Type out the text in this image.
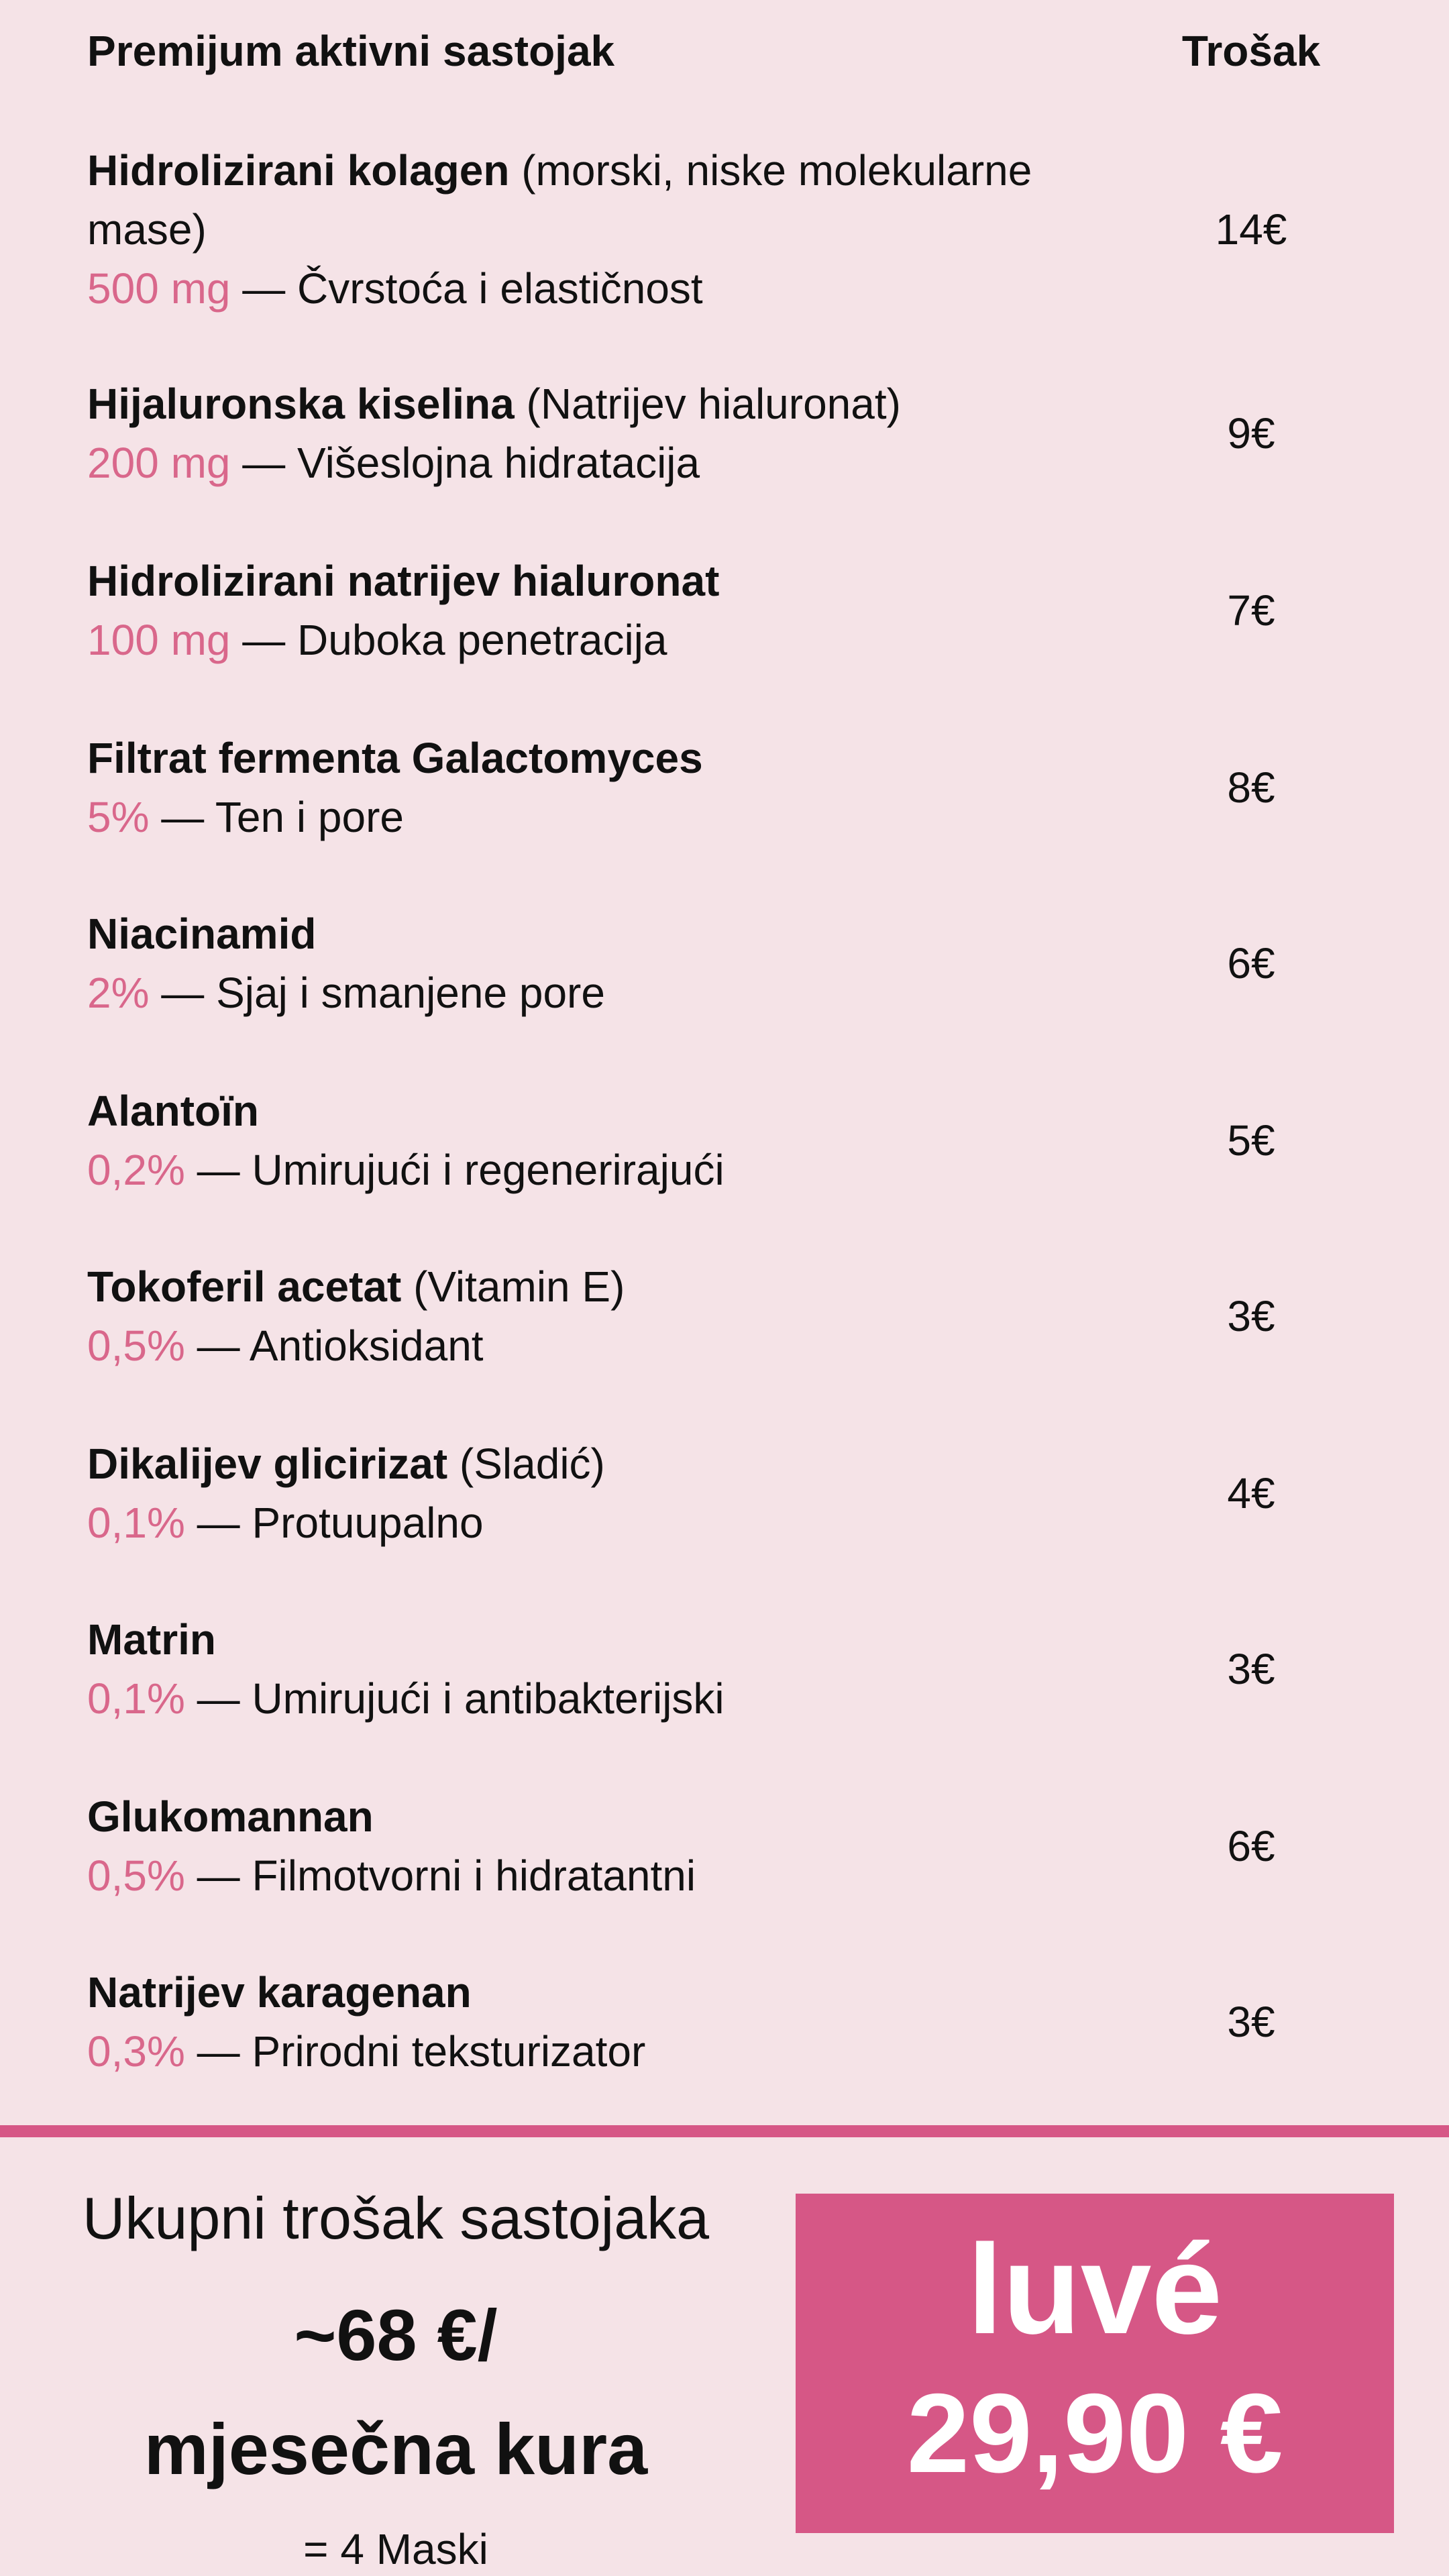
Premijum aktivni sastojak	Trošak
Hidrolizirani kolagen (morski, niske molekularne mase)
500 mg — Čvrstoća i elastičnost
14€
Hijaluronska kiselina (Natrijev hialuronat)
200 mg — Višeslojna hidratacija
9€
Hidrolizirani natrijev hialuronat
100 mg — Duboka penetracija
7€
Filtrat fermenta Galactomyces
5% — Ten i pore
8€
Niacinamid
2% — Sjaj i smanjene pore
6€
Alantoïn
0,2% — Umirujući i regenerirajući
5€
Tokoferil acetat (Vitamin E)
0,5% — Antioksidant
3€
Dikalijev glicirizat (Sladić)
0,1% — Protuupalno
4€
Matrin
0,1% — Umirujući i antibakterijski
3€
Glukomannan
0,5% — Filmotvorni i hidratantni
6€
Natrijev karagenan
0,3% — Prirodni teksturizator
3€
Ukupni trošak sastojaka
~68 €/
mjesečna kura
= 4 Maski
luvé
29,90 €
